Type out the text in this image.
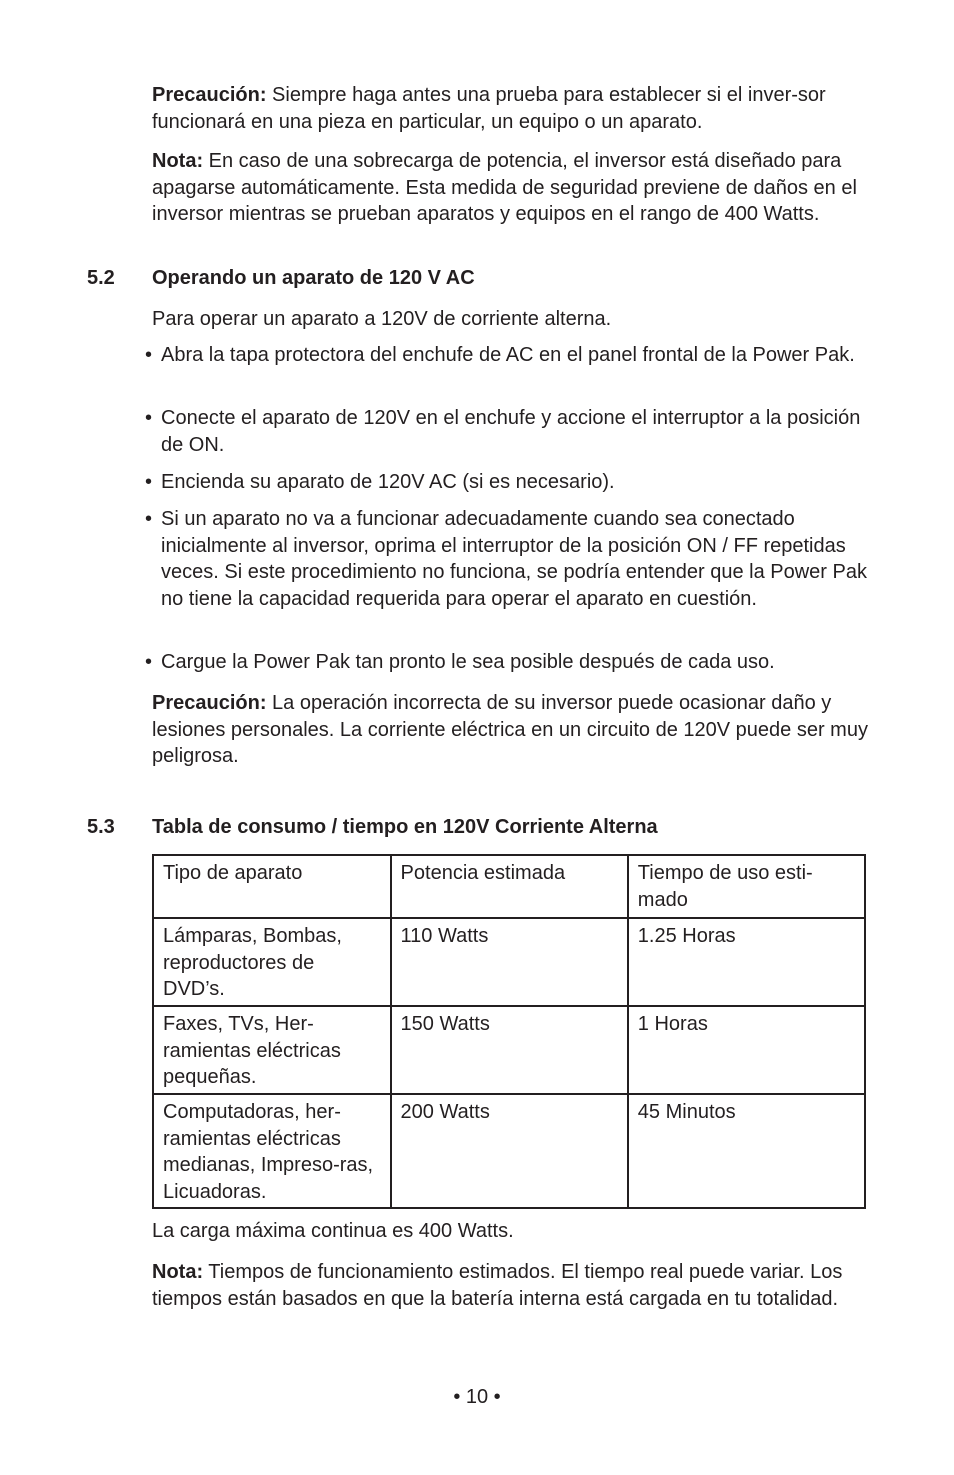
Precaución: Siempre haga antes una prueba para establecer si el inver-sor funcionará en una pieza en particular, un equipo o un aparato.

Nota: En caso de una sobrecarga de potencia, el inversor está diseñado para apagarse automáticamente. Esta medida de seguridad previene de daños en el inversor mientras se prueban aparatos y equipos en el rango de 400 Watts.

5.2 Operando un aparato de 120 V AC

Para operar un aparato a 120V de corriente alterna.

• Abra la tapa protectora del enchufe de AC en el panel frontal de la Power Pak.
• Conecte el aparato de 120V en el enchufe y accione el interruptor a la posición de ON.
• Encienda su aparato de 120V AC (si es necesario).
• Si un aparato no va a funcionar adecuadamente cuando sea conectado inicialmente al inversor, oprima el interruptor de la posición ON / FF repetidas veces. Si este procedimiento no funciona, se podría entender que la Power Pak no tiene la capacidad requerida para operar el aparato en cuestión.
• Cargue la Power Pak tan pronto le sea posible después de cada uso.

Precaución: La operación incorrecta de su inversor puede ocasionar daño y lesiones personales. La corriente eléctrica en un circuito de 120V puede ser muy peligrosa.

5.3 Tabla de consumo / tiempo en 120V Corriente Alterna
Tipo de aparato	Potencia estimada	Tiempo de uso esti-mado
Lámparas, Bombas, reproductores de DVD’s.	110 Watts	1.25 Horas
Faxes, TVs, Her-ramientas eléctricas pequeñas.	150 Watts	1 Horas
Computadoras, her-ramientas eléctricas medianas, Impreso-ras, Licuadoras.	200 Watts	45 Minutos

La carga máxima continua es 400 Watts.

Nota: Tiempos de funcionamiento estimados. El tiempo real puede variar. Los tiempos están basados en que la batería interna está cargada en tu totalidad.

• 10 •
